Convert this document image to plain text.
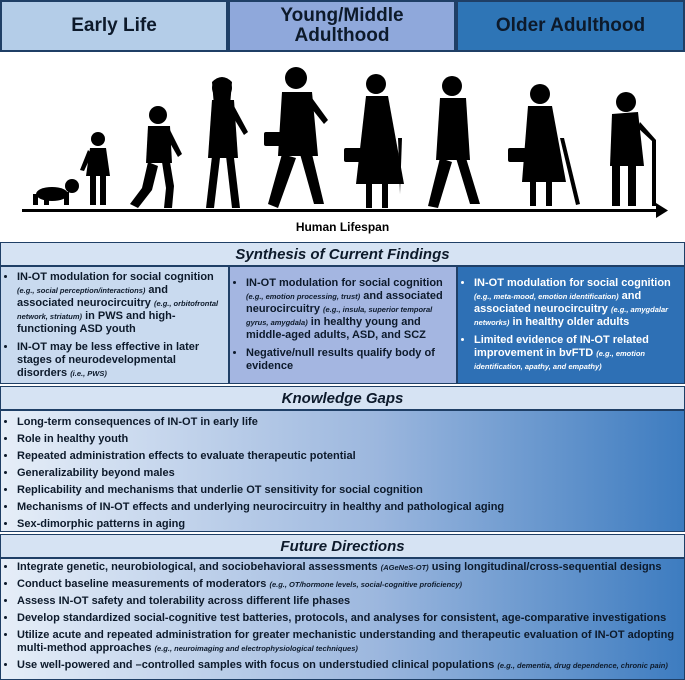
Early Life	Young/Middle Adulthood	Older Adulthood
Human Lifespan
Synthesis of Current Findings
• IN-OT modulation for social cognition (e.g., social perception/interactions) and associated neurocircuitry (e.g., orbitofrontal network, striatum) in PWS and high-functioning ASD youth
• IN-OT may be less effective in later stages of neurodevelopmental disorders (i.e., PWS)
• IN-OT modulation for social cognition (e.g., emotion processing, trust) and associated neurocircuitry (e.g., insula, superior temporal gyrus, amygdala) in healthy young and middle-aged adults, ASD, and SCZ
• Negative/null results qualify body of evidence
• IN-OT modulation for social cognition (e.g., meta-mood, emotion identification) and associated neurocircuitry (e.g., amygdalar networks) in healthy older adults
• Limited evidence of IN-OT related improvement in bvFTD (e.g., emotion identification, apathy, and empathy)
Knowledge Gaps
• Long-term consequences of IN-OT in early life
• Role in healthy youth
• Repeated administration effects to evaluate therapeutic potential
• Generalizability beyond males
• Replicability and mechanisms that underlie OT sensitivity for social cognition
• Mechanisms of IN-OT effects and underlying neurocircuitry in healthy and pathological aging
• Sex-dimorphic patterns in aging
Future Directions
• Integrate genetic, neurobiological, and sociobehavioral assessments (AGeNeS-OT) using longitudinal/cross-sequential designs
• Conduct baseline measurements of moderators (e.g., OT/hormone levels, social-cognitive proficiency)
• Assess IN-OT safety and tolerability across different life phases
• Develop standardized social-cognitive test batteries, protocols, and analyses for consistent, age-comparative investigations
• Utilize acute and repeated administration for greater mechanistic understanding and therapeutic evaluation of IN-OT adopting multi-method approaches (e.g., neuroimaging and electrophysiological techniques)
• Use well-powered and –controlled samples with focus on understudied clinical populations (e.g., dementia, drug dependence, chronic pain)
